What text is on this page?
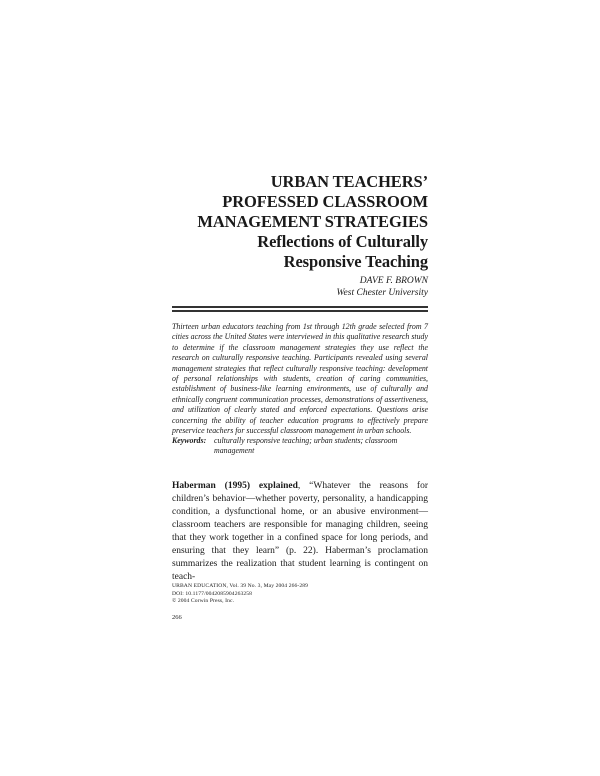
URBAN TEACHERS’
PROFESSED CLASSROOM
MANAGEMENT STRATEGIES
Reflections of Culturally
Responsive Teaching
DAVE F. BROWN
West Chester University
Thirteen urban educators teaching from 1st through 12th grade selected from 7 cities across the United States were interviewed in this qualitative research study to determine if the classroom management strategies they use reflect the research on culturally responsive teaching. Participants revealed using several management strategies that reflect culturally responsive teaching: development of personal relationships with students, creation of caring communities, establishment of business-like learning environments, use of culturally and ethnically congruent communication processes, demonstrations of assertiveness, and utilization of clearly stated and enforced expectations. Questions arise concerning the ability of teacher education programs to effectively prepare preservice teachers for successful classroom management in urban schools.
Keywords: culturally responsive teaching; urban students; classroom management
Haberman (1995) explained, “Whatever the reasons for children’s behavior—whether poverty, personality, a handicapping condition, a dysfunctional home, or an abusive environment—classroom teachers are responsible for managing children, seeing that they work together in a confined space for long periods, and ensuring that they learn” (p. 22). Haberman’s proclamation summarizes the realization that student learning is contingent on teach-
URBAN EDUCATION, Vol. 39 No. 3, May 2004 266-289
DOI: 10.1177/0042085904263258
© 2004 Corwin Press, Inc.
266
